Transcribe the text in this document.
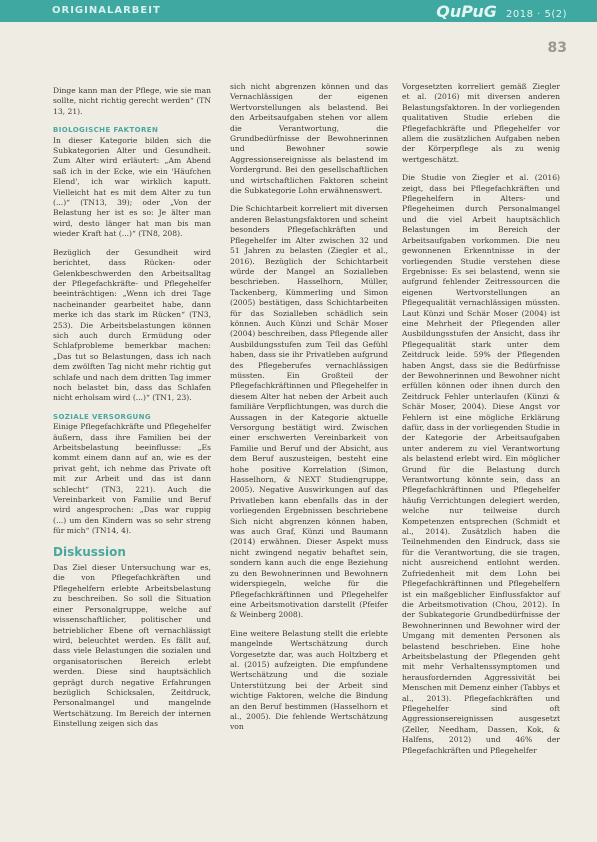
ORIGINALARBEIT	QuPuG 2018 · 5(2)
83

Dinge kann man der Pflege, wie sie man sollte, nicht richtig gerecht werden“ (TN 13, 21).

BIOLOGISCHE FAKTOREN

In dieser Kategorie bilden sich die Subkategorien Alter und Gesundheit. Zum Alter wird erläutert: „Am Abend saß ich in der Ecke, wie ein 'Häufchen Elend', ich war wirklich kaputt. Vielleicht hat es mit dem Alter zu tun (...)“ (TN13, 39); oder „Von der Belastung her ist es so: Je älter man wird, desto länger hat man bis man wieder Kraft hat (...)“ (TN8, 208).

Bezüglich der Gesundheit wird berichtet, dass Rücken- oder Gelenkbeschwerden den Arbeitsalltag der Pflegefachkräfte- und Pflegehelfer beeinträchtigen: „Wenn ich drei Tage nacheinander gearbeitet habe, dann merke ich das stark im Rücken“ (TN3, 253). Die Arbeitsbelastungen können sich auch durch Ermüdung oder Schlafprobleme bemerkbar machen: „Das tut so Belastungen, dass ich nach dem zwölften Tag nicht mehr richtig gut schlafe und nach dem dritten Tag immer noch belastet bin, dass das Schlafen nicht erholsam wird (...)“ (TN1, 23).

SOZIALE VERSORGUNG

Einige Pflegefachkräfte und Pflegehelfer äußern, dass ihre Familien bei der Arbeitsbelastung beeinflusse: „Es kommt einem dann auf an, wie es der privat geht, ich nehme das Private oft mit zur Arbeit und das ist dann schlecht“ (TN3, 221). Auch die Vereinbarkeit von Familie und Beruf wird angesprochen: „Das war ruppig (...) um den Kindern was so sehr streng für mich“ (TN14, 4).

Diskussion

Das Ziel dieser Untersuchung war es, die von Pflegefachkräften und Pflegehelfern erlebte Arbeitsbelastung zu beschreiben. So soll die Situation einer Personalgruppe, welche auf wissenschaftlicher, politischer und betrieblicher Ebene oft vernachlässigt wird, beleuchtet werden. Es fällt auf, dass viele Belastungen die sozialen und organisatorischen Bereich erlebt werden. Diese sind hauptsächlich geprägt durch negative Erfahrungen bezüglich Schicksalen, Zeitdruck, Personalmangel und mangelnde Wertschätzung. Im Bereich der internen Einstellung zeigen sich das

sich nicht abgrenzen können und das Vernachlässigen der eigenen Wertvorstellungen als belastend. Bei den Arbeitsaufgaben stehen vor allem die Verantwortung, die Grundbedürfnisse der Bewohnerinnen und Bewohner sowie Aggressionsereignisse als belastend im Vordergrund. Bei den gesellschaftlichen und wirtschaftlichen Faktoren scheint die Subkategorie Lohn erwähnenswert.

Die Schichtarbeit korreliert mit diversen anderen Belastungsfaktoren und scheint besonders Pflegefachkräften und Pflegehelfer im Alter zwischen 32 und 51 Jahren zu belasten (Ziegler et al., 2016). Bezüglich der Schichtarbeit würde der Mangel an Sozialleben beschrieben. Hasselhorn, Müller, Tackenberg, Kümmerling und Simon (2005) bestätigen, dass Schichtarbeiten für das Sozialleben schädlich sein können. Auch Künzi und Schär Moser (2004) beschreiben, dass Pflegende aller Ausbildungsstufen zum Teil das Gefühl haben, dass sie ihr Privatleben aufgrund des Pflegeberufes vernachlässigen müssten. Ein Großteil der Pflegefachkräftinnen und Pflegehelfer in diesem Alter hat neben der Arbeit auch familiäre Verpflichtungen, was durch die Aussagen in der Kategorie aktuelle Versorgung bestätigt wird. Zwischen einer erschwerten Vereinbarkeit von Familie und Beruf und der Absicht, aus dem Beruf auszusteigen, besteht eine hohe positive Korrelation (Simon, Hasselhorn, & NEXT Studiengruppe, 2005). Negative Auswirkungen auf das Privatleben kann ebenfalls das in der vorliegenden Ergebnissen beschriebene Sich nicht abgrenzen können haben, was auch Graf, Künzi und Baumann (2014) erwähnen. Dieser Aspekt muss nicht zwingend negativ behaftet sein, sondern kann auch die enge Beziehung zu den Bewohnerinnen und Bewohnern widerspiegeln, welche für die Pflegefachkräftinnen und Pflegehelfer eine Arbeitsmotivation darstellt (Pfeifer & Weinberg 2008).

Eine weitere Belastung stellt die erlebte mangelnde Wertschätzung durch Vorgesetzte dar, was auch Holtzberg et al. (2015) aufzeigten. Die empfundene Wertschätzung und die soziale Unterstützung bei der Arbeit sind wichtige Faktoren, welche die Bindung an den Beruf bestimmen (Hasselhorn et al., 2005). Die fehlende Wertschätzung von

Vorgesetzten korreliert gemäß Ziegler et al. (2016) mit diversen anderen Belastungsfaktoren. In der vorliegenden qualitativen Studie erleben die Pflegefachkräfte und Pflegehelfer vor allem die zusätzlichen Aufgaben neben der Körperpflege als zu wenig wertgeschätzt.

Die Studie von Ziegler et al. (2016) zeigt, dass bei Pflegefachkräften und Pflegehelfern in Alters- und Pflegeheimen durch Personalmangel und die viel Arbeit hauptsächlich Belastungen im Bereich der Arbeitsaufgaben vorkommen. Die neu gewonnenen Erkenntnisse in der vorliegenden Studie verstehen diese Ergebnisse: Es sei belastend, wenn sie aufgrund fehlender Zeitressourcen die eigenen Wertvorstellungen an Pflegequalität vernachlässigen müssten. Laut Künzi und Schär Moser (2004) ist eine Mehrheit der Pflegenden aller Ausbildungsstufen der Ansicht, dass ihr Pflegequalität stark unter dem Zeitdruck leide. 59% der Pflegenden haben Angst, dass sie die Bedürfnisse der Bewohnerinnen und Bewohner nicht erfüllen können oder ihnen durch den Zeitdruck Fehler unterlaufen (Künzi & Schär Moser, 2004). Diese Angst vor Fehlern ist eine mögliche Erklärung dafür, dass in der vorliegenden Studie in der Kategorie der Arbeitsaufgaben unter anderem zu viel Verantwortung als belastend erlebt wird. Ein möglicher Grund für die Belastung durch Verantwortung könnte sein, dass an Pflegefachkräftinnen und Pflegehelfer häufig Verrichtungen delegiert werden, welche nur teilweise durch Kompetenzen entsprechen (Schmidt et al., 2014). Zusätzlich haben die Teilnehmenden den Eindruck, dass sie für die Verantwortung, die sie tragen, nicht ausreichend entlohnt werden. Zufriedenheit mit dem Lohn bei Pflegefachkräftinnen und Pflegehelfern ist ein maßgeblicher Einflussfaktor auf die Arbeitsmotivation (Chou, 2012). In der Subkategorie Grundbedürfnisse der Bewohnerinnen und Bewohner wird der Umgang mit dementen Personen als belastend beschrieben. Eine hohe Arbeitsbelastung der Pflegenden geht mit mehr Verhaltenssymptomen und herausfordernden Aggressivität bei Menschen mit Demenz einher (Tabbys et al., 2013). Pflegefachkräften und Pflegehelfer sind oft Aggressionsereignissen ausgesetzt (Zeller, Needham, Dassen, Kok, & Halfens, 2012) und 46% der Pflegefachkräften und Pflegehelfer
